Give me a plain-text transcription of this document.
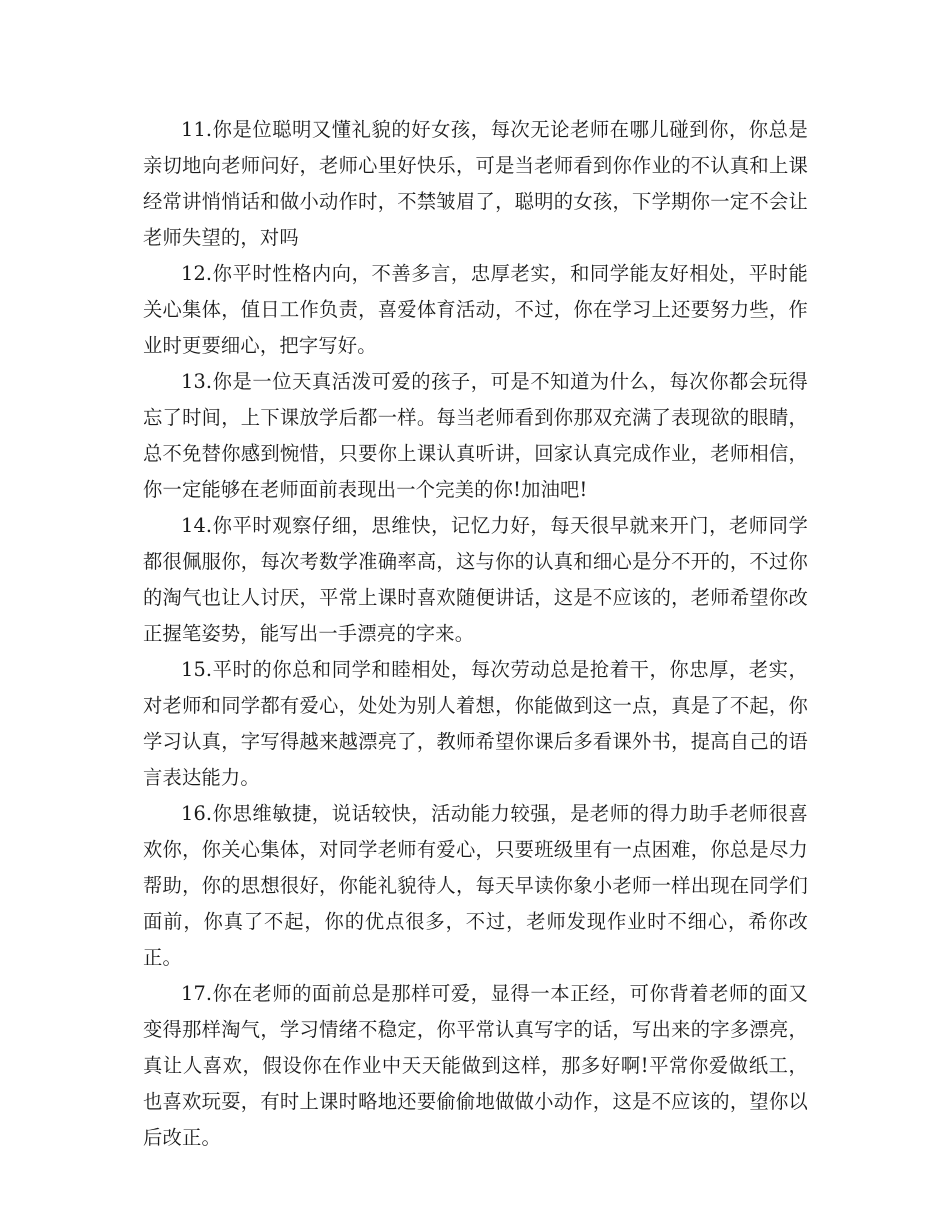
11.你是位聪明又懂礼貌的好女孩，每次无论老师在哪儿碰到你，你总是亲切地向老师问好，老师心里好快乐，可是当老师看到你作业的不认真和上课经常讲悄悄话和做小动作时，不禁皱眉了，聪明的女孩，下学期你一定不会让老师失望的，对吗

12.你平时性格内向，不善多言，忠厚老实，和同学能友好相处，平时能关心集体，值日工作负责，喜爱体育活动，不过，你在学习上还要努力些，作业时更要细心，把字写好。

13.你是一位天真活泼可爱的孩子，可是不知道为什么，每次你都会玩得忘了时间，上下课放学后都一样。每当老师看到你那双充满了表现欲的眼睛，总不免替你感到惋惜，只要你上课认真听讲，回家认真完成作业，老师相信，你一定能够在老师面前表现出一个完美的你!加油吧!

14.你平时观察仔细，思维快，记忆力好，每天很早就来开门，老师同学都很佩服你，每次考数学准确率高，这与你的认真和细心是分不开的，不过你的淘气也让人讨厌，平常上课时喜欢随便讲话，这是不应该的，老师希望你改正握笔姿势，能写出一手漂亮的字来。

15.平时的你总和同学和睦相处，每次劳动总是抢着干，你忠厚，老实，对老师和同学都有爱心，处处为别人着想，你能做到这一点，真是了不起，你学习认真，字写得越来越漂亮了，教师希望你课后多看课外书，提高自己的语言表达能力。

16.你思维敏捷，说话较快，活动能力较强，是老师的得力助手老师很喜欢你，你关心集体，对同学老师有爱心，只要班级里有一点困难，你总是尽力帮助，你的思想很好，你能礼貌待人，每天早读你象小老师一样出现在同学们面前，你真了不起，你的优点很多，不过，老师发现作业时不细心，希你改正。

17.你在老师的面前总是那样可爱，显得一本正经，可你背着老师的面又变得那样淘气，学习情绪不稳定，你平常认真写字的话，写出来的字多漂亮，真让人喜欢，假设你在作业中天天能做到这样，那多好啊!平常你爱做纸工，也喜欢玩耍，有时上课时略地还要偷偷地做做小动作，这是不应该的，望你以后改正。
